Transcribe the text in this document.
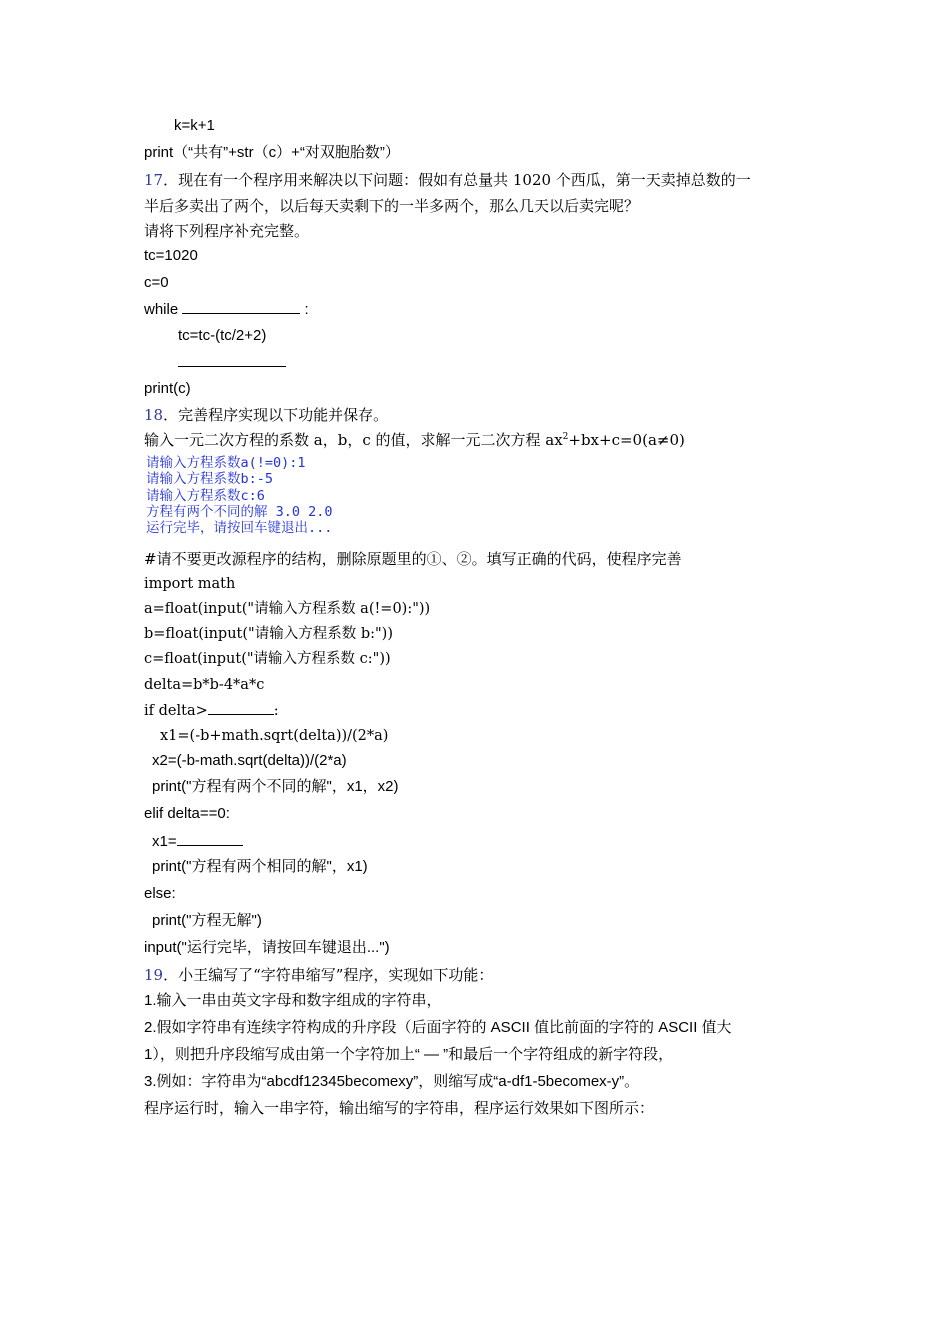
k=k+1
print（“共有”+str（c）+“对双胞胎数”）
17．现在有一个程序用来解决以下问题：假如有总量共 1020 个西瓜，第一天卖掉总数的一
半后多卖出了两个，以后每天卖剩下的一半多两个，那么几天以后卖完呢？
请将下列程序补充完整。
tc=1020
c=0
while	:
tc=tc-(tc/2+2)
print(c)
18．完善程序实现以下功能并保存。
输入一元二次方程的系数 a，b，c 的值，求解一元二次方程 $ax^2+bx+c=0(a\ne 0)$
请输入方程系数a(!=0):1
请输入方程系数b:-5
请输入方程系数c:6
方程有两个不同的解 3.0 2.0
运行完毕，请按回车键退出...
#请不要更改源程序的结构，删除原题里的①、②。填写正确的代码，使程序完善
import math
a=float(input("请输入方程系数 a(!=0):"))
b=float(input("请输入方程系数 b:"))
c=float(input("请输入方程系数 c:"))
delta=b*b-4*a*c
if delta>	:
x1=(-b+math.sqrt(delta))/(2*a)
x2=(-b-math.sqrt(delta))/(2*a)
print("方程有两个不同的解"，x1，x2)
elif delta==0:
x1=
print("方程有两个相同的解"，x1)
else:
print("方程无解")
input("运行完毕，请按回车键退出...")
19．小王编写了“字符串缩写”程序，实现如下功能：
1.输入一串由英文字母和数字组成的字符串，
2.假如字符串有连续字符构成的升序段（后面字符的 ASCII 值比前面的字符的 ASCII 值大
1），则把升序段缩写成由第一个字符加上“ — ”和最后一个字符组成的新字符段，
3.例如：字符串为“abcdf12345becomexy”，则缩写成“a-df1-5becomex-y”。
程序运行时，输入一串字符，输出缩写的字符串，程序运行效果如下图所示：
